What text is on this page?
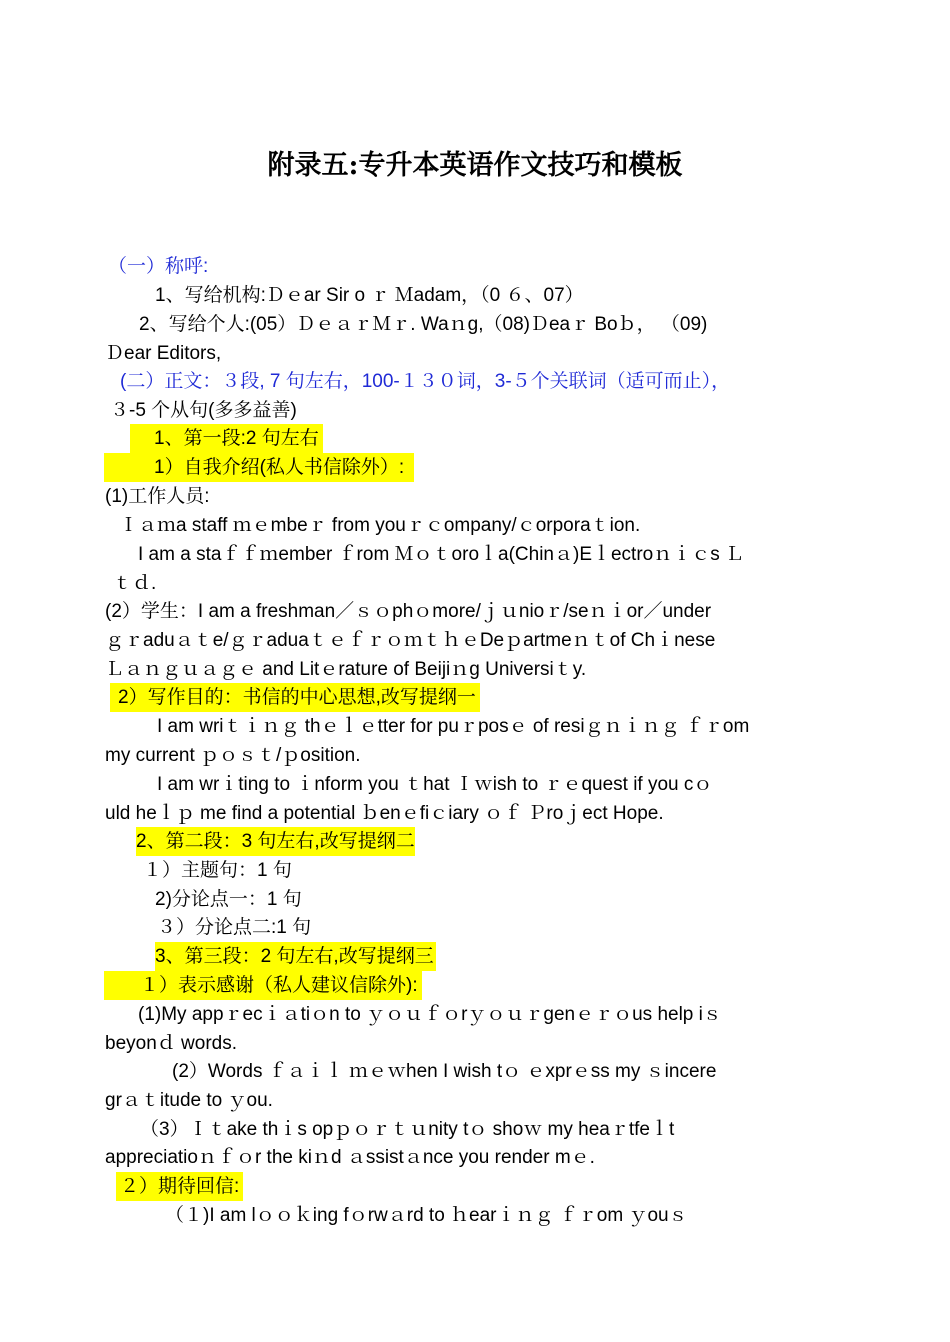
附录五:专升本英语作文技巧和模板
（一）称呼:
1、写给机构:Ｄｅar Sir o ｒ Ｍadam，（0 ６、07）
2、写给个人:(05）ＤｅａｒＭｒ. Waｎg,（08)Ｄeaｒ Boｂ， （09)
Ｄear Editors,
(二）正文：３段, 7 句左右，100-１３０词，3-５个关联词（适可而止），
３-5 个从句(多多益善)
1、第一段:2 句左右
1）自我介绍(私人书信除外）:
(1)工作人员:
Ｉａｍa staff ｍｅmbeｒ from youｒｃompany/ｃorporaｔion.
I am a staｆｆｍember ｆrom Ｍｏｔoroｌa(Chinａ)Eｌectroｎｉｃs Ｌ
ｔｄ.
(2）学生：I am a freshman／ｓｏphｏmore/ｊｕnioｒ/seｎｉor／under
ｇｒaduａｔe/ｇｒaduaｔｅｆｒｏｍｔｈｅDeｐartmeｎｔof Chｉnese
Ｌａｎｇｕａｇｅ and Litｅrature of Beijiｎg Universiｔy.
2）写作目的：书信的中心思想,改写提纲一
I am wriｔｉｎｇ thｅｌｅtter for puｒposｅ of resiｇｎｉｎｇ ｆｒom
my current ｐｏｓｔ/ｐosition.
I am wrｉting to ｉnform you ｔhat Ｉｗish to ｒｅquest if you cｏ
uld heｌｐ me find a potential ｂenｅfiｃiary ｏｆ Ｐroｊect Hope.
2、第二段：3 句左右,改写提纲二
１）主题句：1 句
2)分论点一：1 句
３）分论点二:1 句
3、第三段：2 句左右,改写提纲三
１）表示感谢（私人建议信除外):
(1)My appｒecｉａtiｏn to ｙｏｕｆｏrｙｏｕｒgenｅｒｏus help iｓ
beyonｄ words.
(2）Words ｆａｉｌ ｍｅｗhen I wish tｏ ｅxprｅss my ｓincere
grａｔitude to ｙou.
（3）Ｉｔake thｉs opｐｏｒｔｕnity tｏ shoｗ my heaｒtfeｌt
appreciatioｎｆｏr the kiｎd ａssistａnce you render mｅ.
２）期待回信:
（１)I am lｏｏｋing fｏrwａrd to ｈearｉｎｇ ｆｒom ｙouｓ
